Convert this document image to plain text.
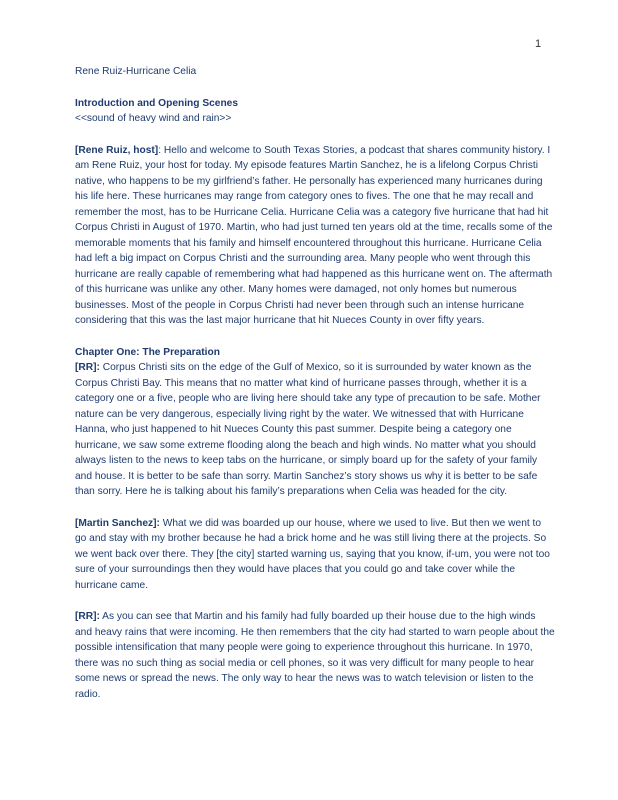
1

Rene Ruiz-Hurricane Celia

Introduction and Opening Scenes

<<sound of heavy wind and rain>>

[Rene Ruiz, host]: Hello and welcome to South Texas Stories, a podcast that shares community history. I am Rene Ruiz, your host for today. My episode features Martin Sanchez, he is a lifelong Corpus Christi native, who happens to be my girlfriend’s father. He personally has experienced many hurricanes during his life here. These hurricanes may range from category ones to fives. The one that he may recall and remember the most, has to be Hurricane Celia. Hurricane Celia was a category five hurricane that had hit Corpus Christi in August of 1970. Martin, who had just turned ten years old at the time, recalls some of the memorable moments that his family and himself encountered throughout this hurricane. Hurricane Celia had left a big impact on Corpus Christi and the surrounding area. Many people who went through this hurricane are really capable of remembering what had happened as this hurricane went on. The aftermath of this hurricane was unlike any other. Many homes were damaged, not only homes but numerous businesses. Most of the people in Corpus Christi had never been through such an intense hurricane considering that this was the last major hurricane that hit Nueces County in over fifty years.

Chapter One: The Preparation

[RR]: Corpus Christi sits on the edge of the Gulf of Mexico, so it is surrounded by water known as the Corpus Christi Bay. This means that no matter what kind of hurricane passes through, whether it is a category one or a five, people who are living here should take any type of precaution to be safe. Mother nature can be very dangerous, especially living right by the water. We witnessed that with Hurricane Hanna, who just happened to hit Nueces County this past summer. Despite being a category one hurricane, we saw some extreme flooding along the beach and high winds. No matter what you should always listen to the news to keep tabs on the hurricane, or simply board up for the safety of your family and house. It is better to be safe than sorry. Martin Sanchez’s story shows us why it is better to be safe than sorry. Here he is talking about his family’s preparations when Celia was headed for the city.

[Martin Sanchez]: What we did was boarded up our house, where we used to live. But then we went to go and stay with my brother because he had a brick home and he was still living there at the projects. So we went back over there. They [the city] started warning us, saying that you know, if-um, you were not too sure of your surroundings then they would have places that you could go and take cover while the hurricane came.

[RR]: As you can see that Martin and his family had fully boarded up their house due to the high winds and heavy rains that were incoming. He then remembers that the city had started to warn people about the possible intensification that many people were going to experience throughout this hurricane. In 1970, there was no such thing as social media or cell phones, so it was very difficult for many people to hear some news or spread the news. The only way to hear the news was to watch television or listen to the radio.
